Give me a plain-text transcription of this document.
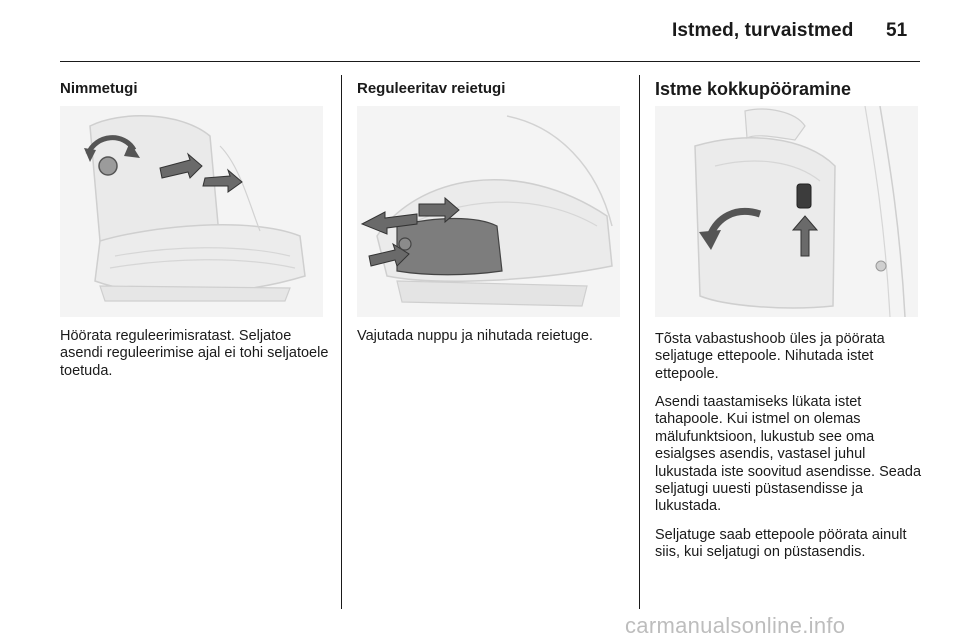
Istmed, turvaistmed 51
Nimmetugi

Höörata reguleerimisratast. Seljatoe asendi reguleerimise ajal ei tohi seljatoele toetuda.

Reguleeritav reietugi

Vajutada nuppu ja nihutada reietuge.

Istme kokkupööramine

Tõsta vabastushoob üles ja pöörata seljatuge ettepoole. Nihutada istet ettepoole.

Asendi taastamiseks lükata istet tahapoole. Kui istmel on olemas mälufunktsioon, lukustub see oma esialgses asendis, vastasel juhul lukustada iste soovitud asendisse. Seada seljatugi uuesti püstasendisse ja lukustada.

Seljatuge saab ettepoole pöörata ainult siis, kui seljatugi on püstasendis.

carmanualsonline.info
